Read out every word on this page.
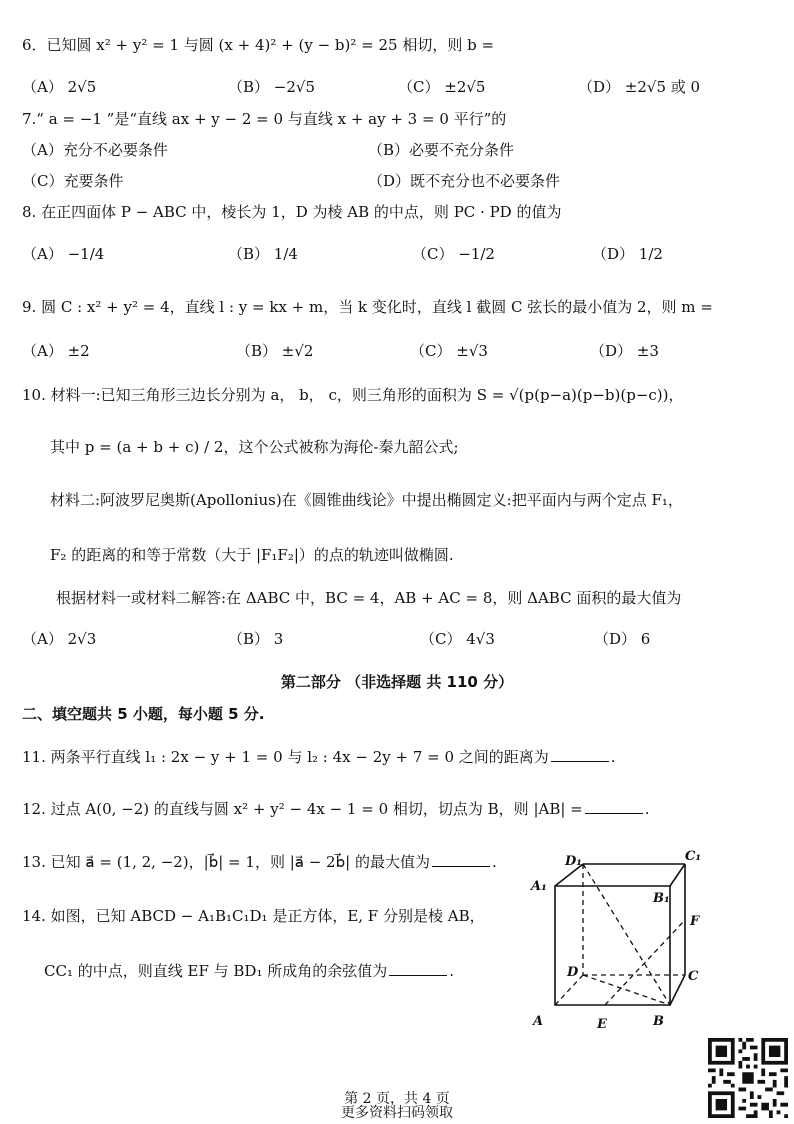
6．已知圆 x² + y² = 1 与圆 (x + 4)² + (y − b)² = 25 相切，则 b =
（A） 2√5	（B） −2√5	（C） ±2√5	（D） ±2√5 或 0
7.“ a = −1 ”是“直线 ax + y − 2 = 0 与直线 x + ay + 3 = 0 平行”的
（A）充分不必要条件	（B）必要不充分条件
（C）充要条件	（D）既不充分也不必要条件
8. 在正四面体 P − ABC 中，棱长为 1，D 为棱 AB 的中点，则 PC · PD 的值为
（A） −1/4	（B） 1/4	（C） −1/2	（D） 1/2
9. 圆 C : x² + y² = 4，直线 l : y = kx + m，当 k 变化时，直线 l 截圆 C 弦长的最小值为 2，则 m =
（A） ±2	（B） ±√2	（C） ±√3	（D） ±3
10. 材料一:已知三角形三边长分别为 a， b， c，则三角形的面积为 S = √(p(p−a)(p−b)(p−c))，
其中 p = (a + b + c) / 2，这个公式被称为海伦-秦九韶公式;
材料二:阿波罗尼奥斯(Apollonius)在《圆锥曲线论》中提出椭圆定义:把平面内与两个定点 F₁，
F₂ 的距离的和等于常数（大于 |F₁F₂|）的点的轨迹叫做椭圆.
根据材料一或材料二解答:在 ΔABC 中，BC = 4，AB + AC = 8，则 ΔABC 面积的最大值为
（A） 2√3	（B） 3	（C） 4√3	（D） 6
第二部分 （非选择题 共 110 分）
二、填空题共 5 小题，每小题 5 分.
11. 两条平行直线 l₁ : 2x − y + 1 = 0 与 l₂ : 4x − 2y + 7 = 0 之间的距离为	.
12. 过点 A(0, −2) 的直线与圆 x² + y² − 4x − 1 = 0 相切，切点为 B，则 |AB| =	.
13. 已知 a⃗ = (1, 2, −2)，|b⃗| = 1，则 |a⃗ − 2b⃗| 的最大值为	.
14. 如图，已知 ABCD − A₁B₁C₁D₁ 是正方体，E, F 分别是棱 AB，
CC₁ 的中点，则直线 EF 与 BD₁ 所成角的余弦值为	.
D₁	C₁
A₁
B₁
F
D	C
A	E	B
第 2 页，共 4 页
更多资料扫码领取
